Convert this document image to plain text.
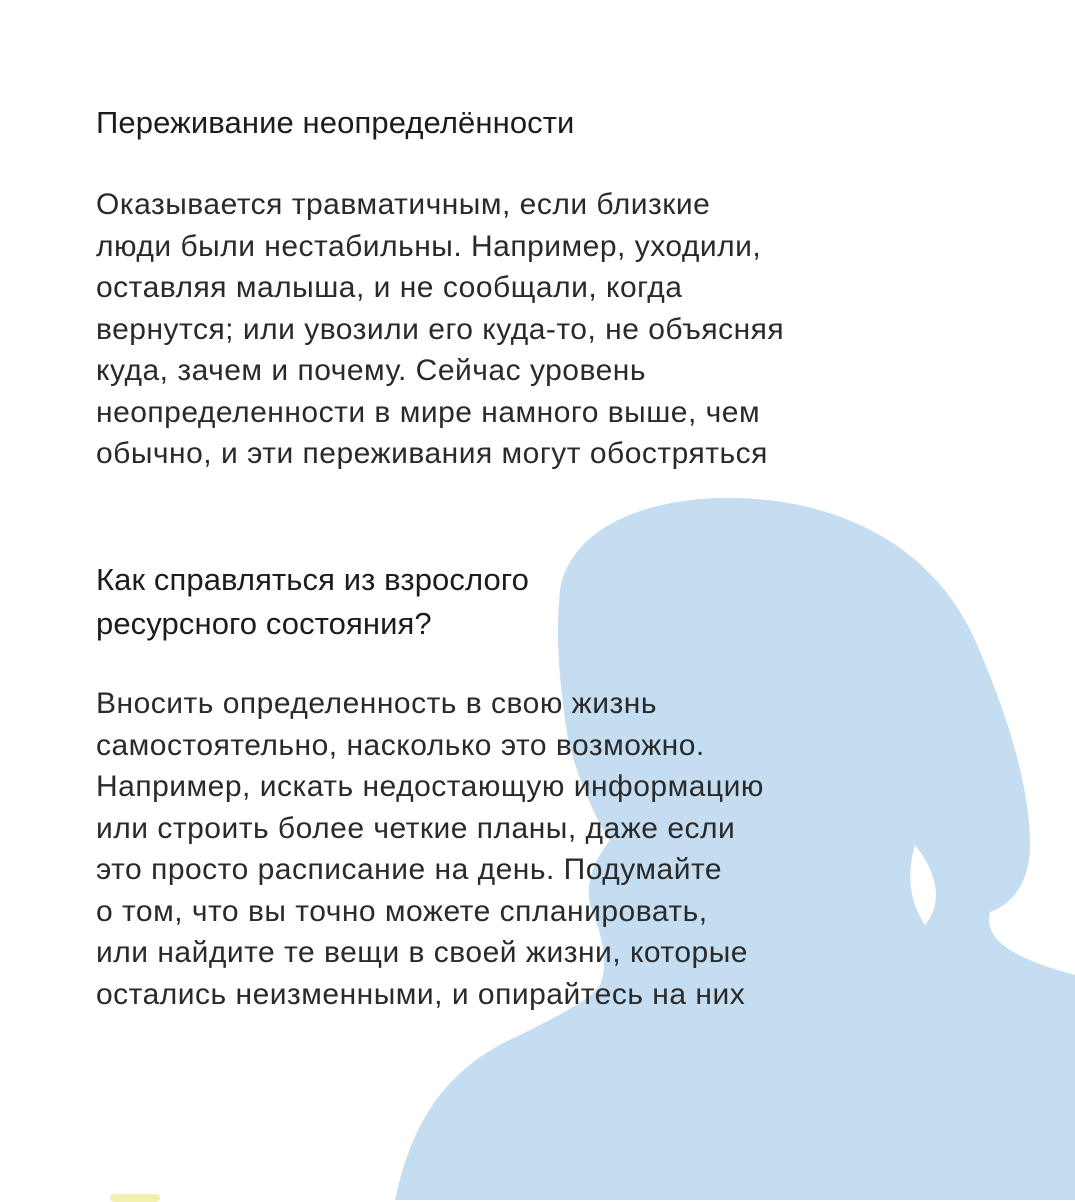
Переживание неопределённости
Оказывается травматичным, если близкие
люди были нестабильны. Например, уходили,
оставляя малыша, и не сообщали, когда
вернутся; или увозили его куда-то, не объясняя
куда, зачем и почему. Сейчас уровень
неопределенности в мире намного выше, чем
обычно, и эти переживания могут обостряться
Как справляться из взрослого
ресурсного состояния?
Вносить определенность в свою жизнь
самостоятельно, насколько это возможно.
Например, искать недостающую информацию
или строить более четкие планы, даже если
это просто расписание на день. Подумайте
о том, что вы точно можете спланировать,
или найдите те вещи в своей жизни, которые
остались неизменными, и опирайтесь на них
